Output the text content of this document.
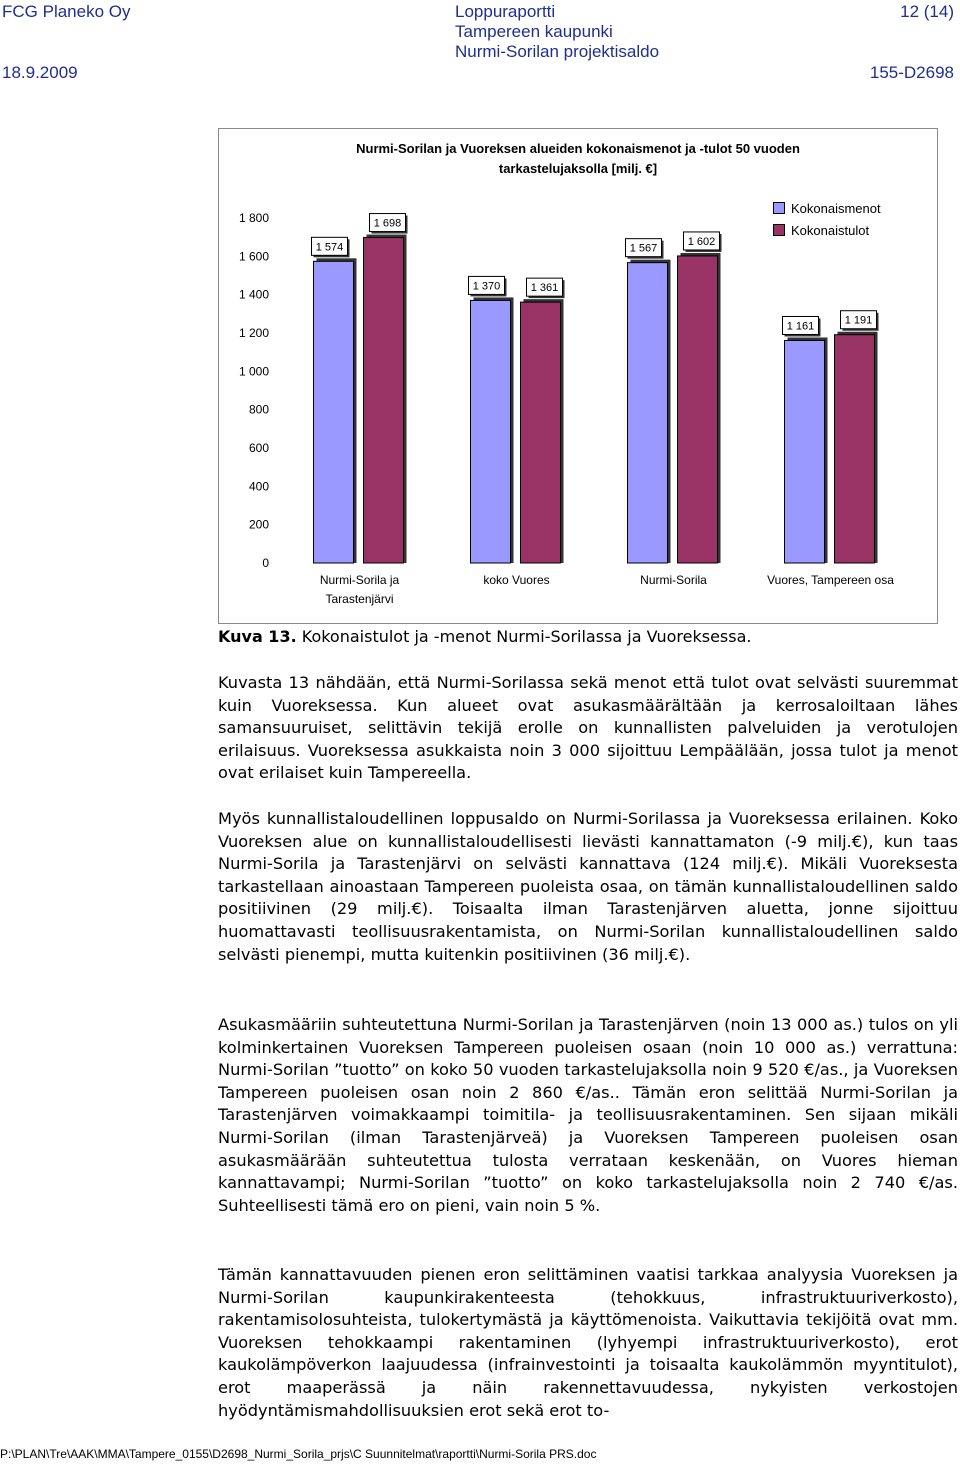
FCG Planeko Oy
18.9.2009
Loppuraportti
Tampereen kaupunki
Nurmi-Sorilan projektisaldo
12 (14)
155-D2698
Nurmi-Sorilan ja Vuoreksen alueiden kokonaismenot ja -tulot 50 vuoden
tarkastelujaksolla [milj. €]
0
200
400
600
800
1 000
1 200
1 400
1 600
1 800
1 574
1 698
Nurmi-Sorila ja
Tarastenjärvi
1 370	1 361
koko Vuores
1 567
1 602
Nurmi-Sorila
1 161	1 191
Vuores, Tampereen osa
Kokonaismenot
Kokonaistulot
Kuva 13. Kokonaistulot ja -menot Nurmi-Sorilassa ja Vuoreksessa.

Kuvasta 13 nähdään, että Nurmi-Sorilassa sekä menot että tulot ovat selvästi suuremmat kuin Vuoreksessa. Kun alueet ovat asukasmäärältään ja kerrosaloiltaan lähes samansuuruiset, selittävin tekijä erolle on kunnallisten palveluiden ja verotulojen erilaisuus. Vuoreksessa asukkaista noin 3 000 sijoittuu Lempäälään, jossa tulot ja menot ovat erilaiset kuin Tampereella.

Myös kunnallistaloudellinen loppusaldo on Nurmi-Sorilassa ja Vuoreksessa erilainen. Koko Vuoreksen alue on kunnallistaloudellisesti lievästi kannattamaton (-9 milj.€), kun taas Nurmi-Sorila ja Tarastenjärvi on selvästi kannattava (124 milj.€). Mikäli Vuoreksesta tarkastellaan ainoastaan Tampereen puoleista osaa, on tämän kunnallistaloudellinen saldo positiivinen (29 milj.€). Toisaalta ilman Tarastenjärven aluetta, jonne sijoittuu huomattavasti teollisuusrakentamista, on Nurmi-Sorilan kunnallistaloudellinen saldo selvästi pienempi, mutta kuitenkin positiivinen (36 milj.€).

Asukasmääriin suhteutettuna Nurmi-Sorilan ja Tarastenjärven (noin 13 000 as.) tulos on yli kolminkertainen Vuoreksen Tampereen puoleisen osaan (noin 10 000 as.) verrattuna: Nurmi-Sorilan ”tuotto” on koko 50 vuoden tarkastelujaksolla noin 9 520 €/as., ja Vuoreksen Tampereen puoleisen osan noin 2 860 €/as.. Tämän eron selittää Nurmi-Sorilan ja Tarastenjärven voimakkaampi toimitila- ja teollisuusrakentaminen. Sen sijaan mikäli Nurmi-Sorilan (ilman Tarastenjärveä) ja Vuoreksen Tampereen puoleisen osan asukasmäärään suhteutettua tulosta verrataan keskenään, on Vuores hieman kannattavampi; Nurmi-Sorilan ”tuotto” on koko tarkastelujaksolla noin 2 740 €/as. Suhteellisesti tämä ero on pieni, vain noin 5 %.

Tämän kannattavuuden pienen eron selittäminen vaatisi tarkkaa analyysia Vuoreksen ja Nurmi-Sorilan kaupunkirakenteesta (tehokkuus, infrastruktuuriverkosto), rakentamisolosuhteista, tulokertymästä ja käyttömenoista. Vaikuttavia tekijöitä ovat mm. Vuoreksen tehokkaampi rakentaminen (lyhyempi infrastruktuuriverkosto), erot kaukolämpöverkon laajuudessa (infrainvestointi ja toisaalta kaukolämmön myyntitulot), erot maaperässä ja näin rakennettavuudessa, nykyisten verkostojen hyödyntämismahdollisuuksien erot sekä erot to-

P:\PLAN\Tre\AAK\MMA\Tampere_0155\D2698_Nurmi_Sorila_prjs\C Suunnitelmat\raportti\Nurmi-Sorila PRS.doc
